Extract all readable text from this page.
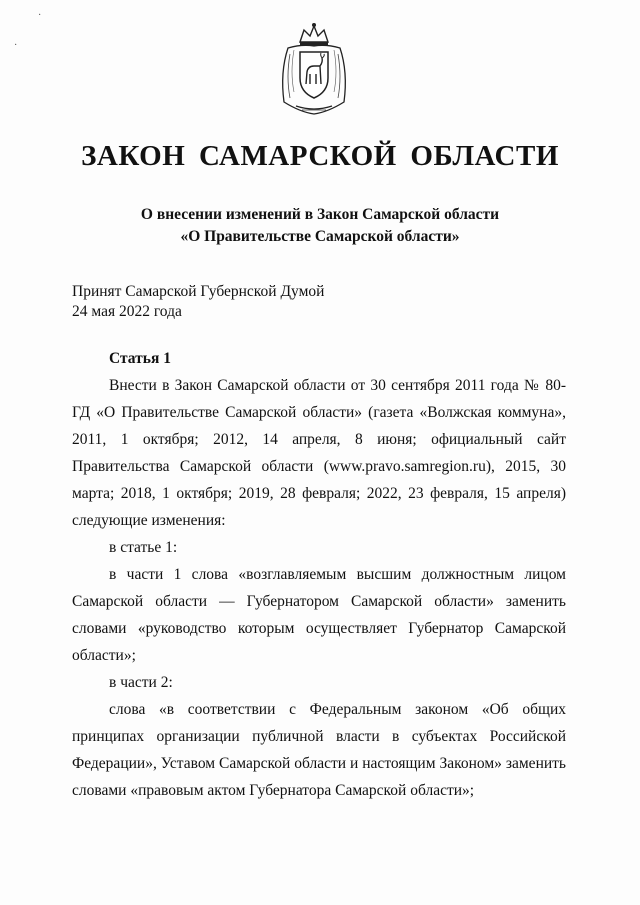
·
·
ЗАКОН САМАРСКОЙ ОБЛАСТИ
О внесении изменений в Закон Самарской области
«О Правительстве Самарской области»
Принят Самарской Губернской Думой
24 мая 2022 года
Статья 1

Внести в Закон Самарской области от 30 сентября 2011 года № 80-ГД «О Правительстве Самарской области» (газета «Волжская коммуна», 2011, 1 октября; 2012, 14 апреля, 8 июня; официальный сайт Правительства Самарской области (www.pravo.samregion.ru), 2015, 30 марта; 2018, 1 октября; 2019, 28 февраля; 2022, 23 февраля, 15 апреля) следующие изменения:

в статье 1:

в части 1 слова «возглавляемым высшим должностным лицом Самарской области — Губернатором Самарской области» заменить словами «руководство которым осуществляет Губернатор Самарской области»;

в части 2:

слова «в соответствии с Федеральным законом «Об общих принципах организации публичной власти в субъектах Российской Федерации», Уставом Самарской области и настоящим Законом» заменить словами «правовым актом Губернатора Самарской области»;
